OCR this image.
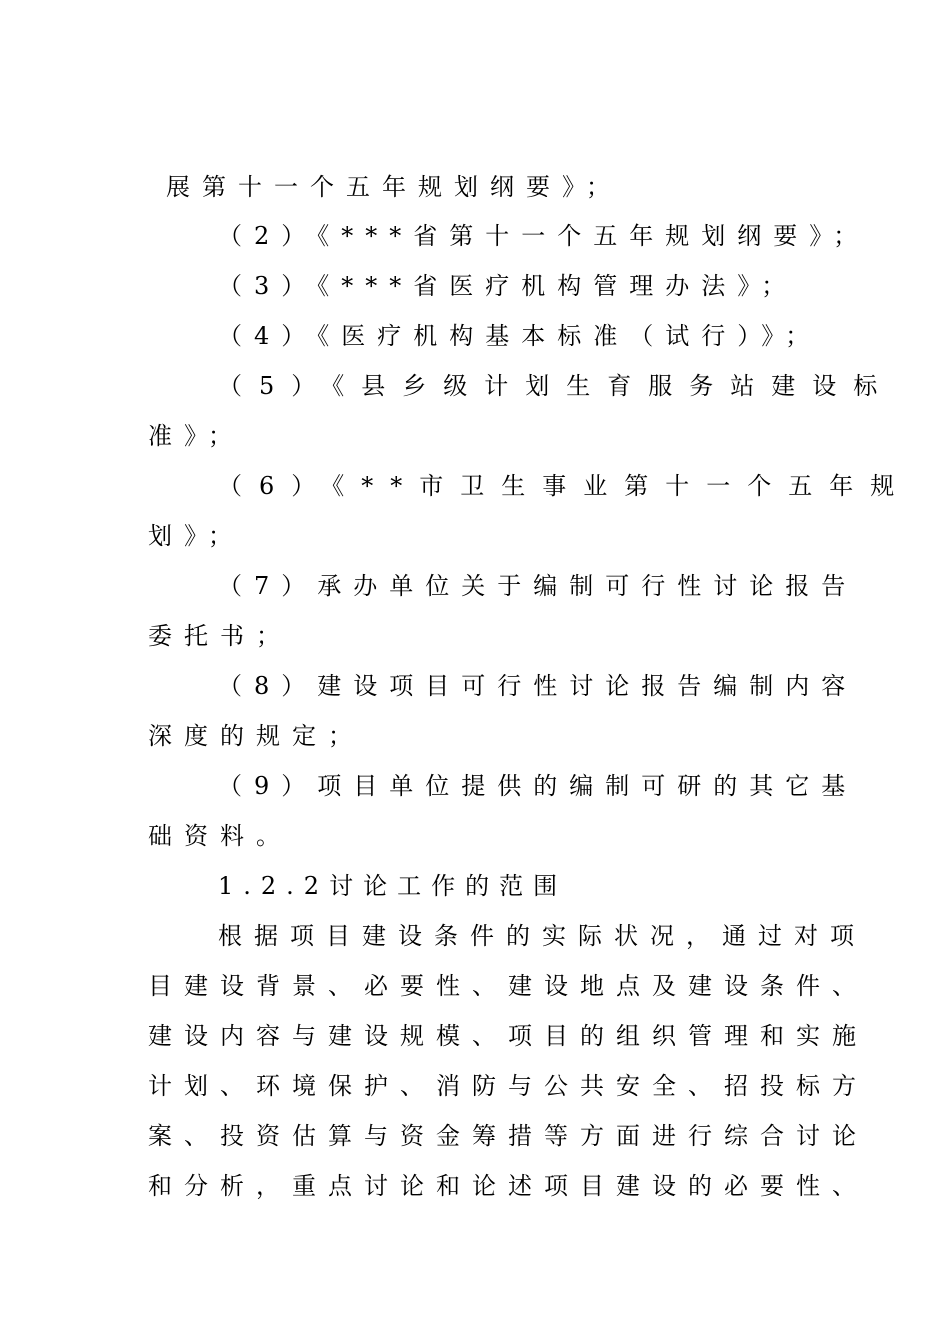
展第十一个五年规划纲要》；
（2）《***省第十一个五年规划纲要》；
（3）《***省医疗机构管理办法》；
（4）《医疗机构基本标准（试行）》；
（5）《县乡级计划生育服务站建设标
准》；
（6）《**市卫生事业第十一个五年规
划》；
（7）承办单位关于编制可行性讨论报告
委托书；
（8）建设项目可行性讨论报告编制内容
深度的规定；
（9）项目单位提供的编制可研的其它基
础资料。
1.2.2讨论工作的范围
根据项目建设条件的实际状况，通过对项
目建设背景、必要性、建设地点及建设条件、
建设内容与建设规模、项目的组织管理和实施
计划、环境保护、消防与公共安全、招投标方
案、投资估算与资金筹措等方面进行综合讨论
和分析，重点讨论和论述项目建设的必要性、
